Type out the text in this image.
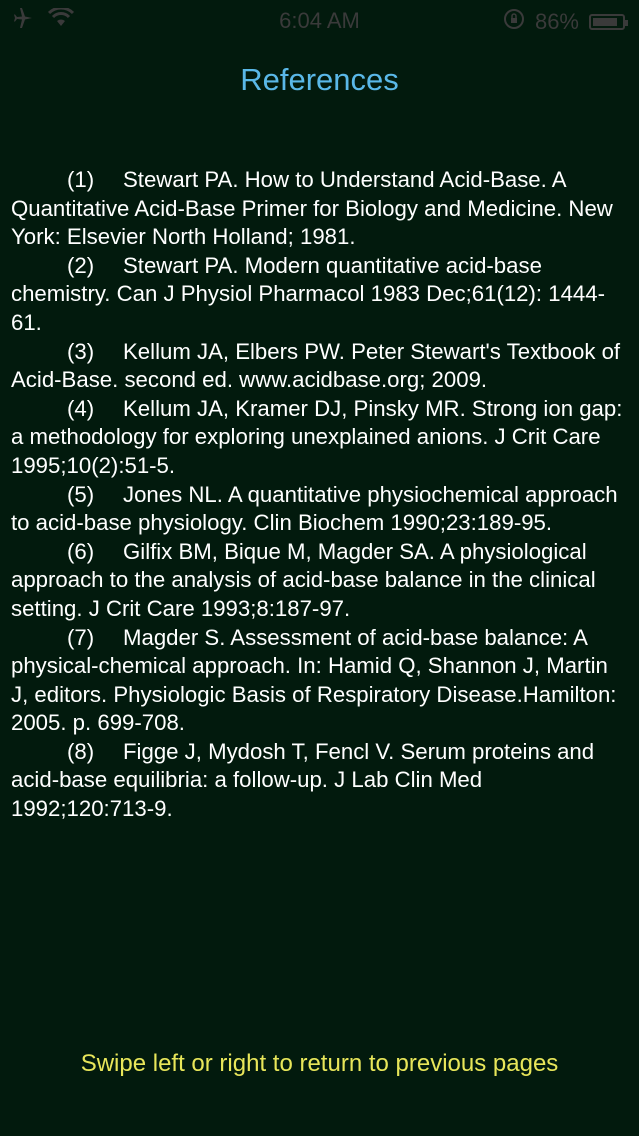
6:04 AM	86%
References

(1) Stewart PA. How to Understand Acid-Base. A Quantitative Acid-Base Primer for Biology and Medicine. New York: Elsevier North Holland; 1981.

(2) Stewart PA. Modern quantitative acid-base chemistry. Can J Physiol Pharmacol 1983 Dec;61(12): 1444-61.

(3) Kellum JA, Elbers PW. Peter Stewart's Textbook of Acid-Base. second ed. www.acidbase.org; 2009.

(4) Kellum JA, Kramer DJ, Pinsky MR. Strong ion gap: a methodology for exploring unexplained anions. J Crit Care 1995;10(2):51-5.

(5) Jones NL. A quantitative physiochemical approach to acid-base physiology. Clin Biochem 1990;23:189-95.

(6) Gilfix BM, Bique M, Magder SA. A physiological approach to the analysis of acid-base balance in the clinical setting. J Crit Care 1993;8:187-97.

(7) Magder S. Assessment of acid-base balance: A physical-chemical approach. In: Hamid Q, Shannon J, Martin J, editors. Physiologic Basis of Respiratory Disease.Hamilton: 2005. p. 699-708.

(8) Figge J, Mydosh T, Fencl V. Serum proteins and acid-base equilibria: a follow-up. J Lab Clin Med 1992;120:713-9.

Swipe left or right to return to previous pages
